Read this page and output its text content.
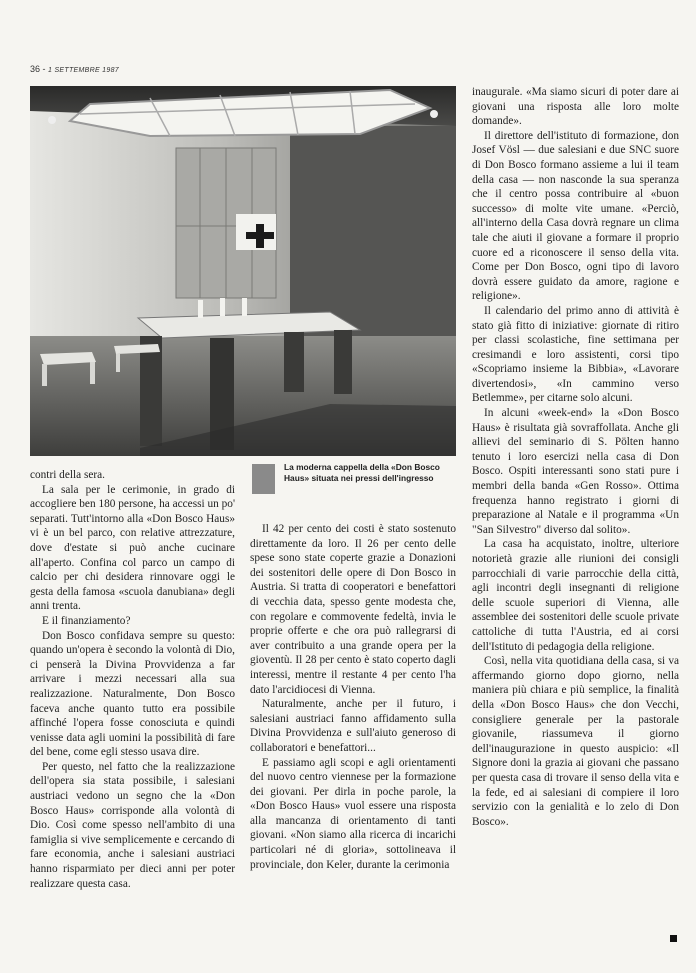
36 - 1 SETTEMBRE 1987
La moderna cappella della «Don Bosco Haus» situata nei pressi dell'ingresso

contri della sera.

La sala per le cerimonie, in grado di accogliere ben 180 persone, ha accessi un po' separati. Tutt'intorno alla «Don Bosco Haus» vi è un bel parco, con relative attrezzature, dove d'estate si può anche cucinare all'aperto. Confina col parco un campo di calcio per chi desidera rinnovare oggi le gesta della famosa «scuola danubiana» degli anni trenta.

E il finanziamento?

Don Bosco confidava sempre su questo: quando un'opera è secondo la volontà di Dio, ci penserà la Divina Provvidenza a far arrivare i mezzi necessari alla sua realizzazione. Naturalmente, Don Bosco faceva anche quanto tutto era possibile affinché l'opera fosse conosciuta e quindi venisse data agli uomini la possibilità di fare del bene, come egli stesso usava dire.

Per questo, nel fatto che la realizzazione dell'opera sia stata possibile, i salesiani austriaci vedono un segno che la «Don Bosco Haus» corrisponde alla volontà di Dio. Così come spesso nell'ambito di una famiglia si vive semplicemente e cercando di fare economia, anche i salesiani austriaci hanno risparmiato per dieci anni per poter realizzare questa casa.

Il 42 per cento dei costi è stato sostenuto direttamente da loro. Il 26 per cento delle spese sono state coperte grazie a Donazioni dei sostenitori delle opere di Don Bosco in Austria. Si tratta di cooperatori e benefattori di vecchia data, spesso gente modesta che, con regolare e commovente fedeltà, invia le proprie offerte e che ora può rallegrarsi di aver contribuito a una grande opera per la gioventù. Il 28 per cento è stato coperto dagli interessi, mentre il restante 4 per cento l'ha dato l'arcidiocesi di Vienna.

Naturalmente, anche per il futuro, i salesiani austriaci fanno affidamento sulla Divina Provvidenza e sull'aiuto generoso di collaboratori e benefattori...

E passiamo agli scopi e agli orientamenti del nuovo centro viennese per la formazione dei giovani. Per dirla in poche parole, la «Don Bosco Haus» vuol essere una risposta alla mancanza di orientamento di tanti giovani. «Non siamo alla ricerca di incarichi particolari né di gloria», sottolineava il provinciale, don Keler, durante la cerimonia

inaugurale. «Ma siamo sicuri di poter dare ai giovani una risposta alle loro molte domande».

Il direttore dell'istituto di formazione, don Josef Vösl — due salesiani e due SNC suore di Don Bosco formano assieme a lui il team della casa — non nasconde la sua speranza che il centro possa contribuire al «buon successo» di molte vite umane. «Perciò, all'interno della Casa dovrà regnare un clima tale che aiuti il giovane a formare il proprio cuore ed a riconoscere il senso della vita. Come per Don Bosco, ogni tipo di lavoro dovrà essere guidato da amore, ragione e religione».

Il calendario del primo anno di attività è stato già fitto di iniziative: giornate di ritiro per classi scolastiche, fine settimana per cresimandi e loro assistenti, corsi tipo «Scopriamo insieme la Bibbia», «Lavorare divertendosi», «In cammino verso Betlemme», per citarne solo alcuni.

In alcuni «week-end» la «Don Bosco Haus» è risultata già sovraffollata. Anche gli allievi del seminario di S. Pölten hanno tenuto i loro esercizi nella casa di Don Bosco. Ospiti interessanti sono stati pure i membri della banda «Gen Rosso». Ottima frequenza hanno registrato i giorni di preparazione al Natale e il programma «Un "San Silvestro" diverso dal solito».

La casa ha acquistato, inoltre, ulteriore notorietà grazie alle riunioni dei consigli parrocchiali di varie parrocchie della città, agli incontri degli insegnanti di religione delle scuole superiori di Vienna, alle assemblee dei sostenitori delle scuole private cattoliche di tutta l'Austria, ed ai corsi dell'Istituto di pedagogia della religione.

Così, nella vita quotidiana della casa, si va affermando giorno dopo giorno, nella maniera più chiara e più semplice, la finalità della «Don Bosco Haus» che don Vecchi, consigliere generale per la pastorale giovanile, riassumeva il giorno dell'inaugurazione in questo auspicio: «Il Signore doni la grazia ai giovani che passano per questa casa di trovare il senso della vita e la fede, ed ai salesiani di compiere il loro servizio con la genialità e lo zelo di Don Bosco».
